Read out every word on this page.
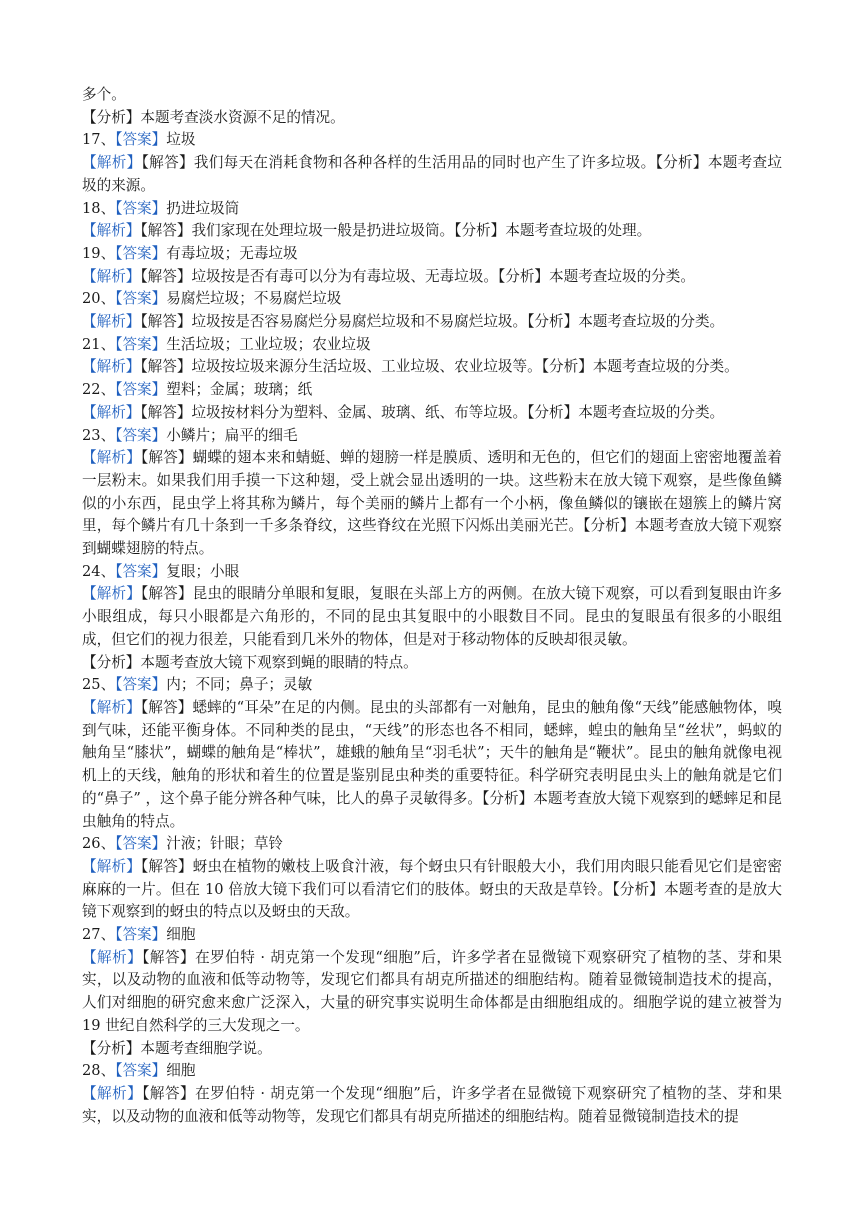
多个。
【分析】本题考查淡水资源不足的情况。
17、【答案】垃圾
【解析】【解答】我们每天在消耗食物和各种各样的生活用品的同时也产生了许多垃圾。【分析】本题考查垃圾的来源。
18、【答案】扔进垃圾筒
【解析】【解答】我们家现在处理垃圾一般是扔进垃圾筒。【分析】本题考查垃圾的处理。
19、【答案】有毒垃圾；无毒垃圾
【解析】【解答】垃圾按是否有毒可以分为有毒垃圾、无毒垃圾。【分析】本题考查垃圾的分类。
20、【答案】易腐烂垃圾；不易腐烂垃圾
【解析】【解答】垃圾按是否容易腐烂分易腐烂垃圾和不易腐烂垃圾。【分析】本题考查垃圾的分类。
21、【答案】生活垃圾；工业垃圾；农业垃圾
【解析】【解答】垃圾按垃圾来源分生活垃圾、工业垃圾、农业垃圾等。【分析】本题考查垃圾的分类。
22、【答案】塑料；金属；玻璃；纸
【解析】【解答】垃圾按材料分为塑料、金属、玻璃、纸、布等垃圾。【分析】本题考查垃圾的分类。
23、【答案】小鳞片；扁平的细毛
【解析】【解答】蝴蝶的翅本来和蜻蜓、蝉的翅膀一样是膜质、透明和无色的，但它们的翅面上密密地覆盖着一层粉末。如果我们用手摸一下这种翅，受上就会显出透明的一块。这些粉末在放大镜下观察，是些像鱼鳞似的小东西，昆虫学上将其称为鳞片，每个美丽的鳞片上都有一个小柄，像鱼鳞似的镶嵌在翅簇上的鳞片窝里，每个鳞片有几十条到一千多条脊纹，这些脊纹在光照下闪烁出美丽光芒。【分析】本题考查放大镜下观察到蝴蝶翅膀的特点。
24、【答案】复眼；小眼
【解析】【解答】昆虫的眼睛分单眼和复眼，复眼在头部上方的两侧。在放大镜下观察，可以看到复眼由许多小眼组成，每只小眼都是六角形的，不同的昆虫其复眼中的小眼数目不同。昆虫的复眼虽有很多的小眼组成，但它们的视力很差，只能看到几米外的物体，但是对于移动物体的反映却很灵敏。
【分析】本题考查放大镜下观察到蝇的眼睛的特点。
25、【答案】内；不同；鼻子；灵敏
【解析】【解答】蟋蟀的“耳朵”在足的内侧。昆虫的头部都有一对触角，昆虫的触角像“天线”能感触物体，嗅到气味，还能平衡身体。不同种类的昆虫，“天线”的形态也各不相同，蟋蟀，蝗虫的触角呈“丝状”，蚂蚁的触角呈“膝状”，蝴蝶的触角是“棒状”，雄蛾的触角呈“羽毛状”；天牛的触角是“鞭状”。昆虫的触角就像电视机上的天线，触角的形状和着生的位置是鉴别昆虫种类的重要特征。科学研究表明昆虫头上的触角就是它们的“鼻子” ，这个鼻子能分辨各种气味，比人的鼻子灵敏得多。【分析】本题考查放大镜下观察到的蟋蟀足和昆虫触角的特点。
26、【答案】汁液；针眼；草铃
【解析】【解答】蚜虫在植物的嫩枝上吸食汁液，每个蚜虫只有针眼般大小，我们用肉眼只能看见它们是密密麻麻的一片。但在 10 倍放大镜下我们可以看清它们的肢体。蚜虫的天敌是草铃。【分析】本题考查的是放大镜下观察到的蚜虫的特点以及蚜虫的天敌。
27、【答案】细胞
【解析】【解答】在罗伯特 · 胡克第一个发现“细胞”后，许多学者在显微镜下观察研究了植物的茎、芽和果实，以及动物的血液和低等动物等，发现它们都具有胡克所描述的细胞结构。随着显微镜制造技术的提高，人们对细胞的研究愈来愈广泛深入，大量的研究事实说明生命体都是由细胞组成的。细胞学说的建立被誉为 19 世纪自然科学的三大发现之一。
【分析】本题考查细胞学说。
28、【答案】细胞
【解析】【解答】在罗伯特 · 胡克第一个发现“细胞”后，许多学者在显微镜下观察研究了植物的茎、芽和果实，以及动物的血液和低等动物等，发现它们都具有胡克所描述的细胞结构。随着显微镜制造技术的提
